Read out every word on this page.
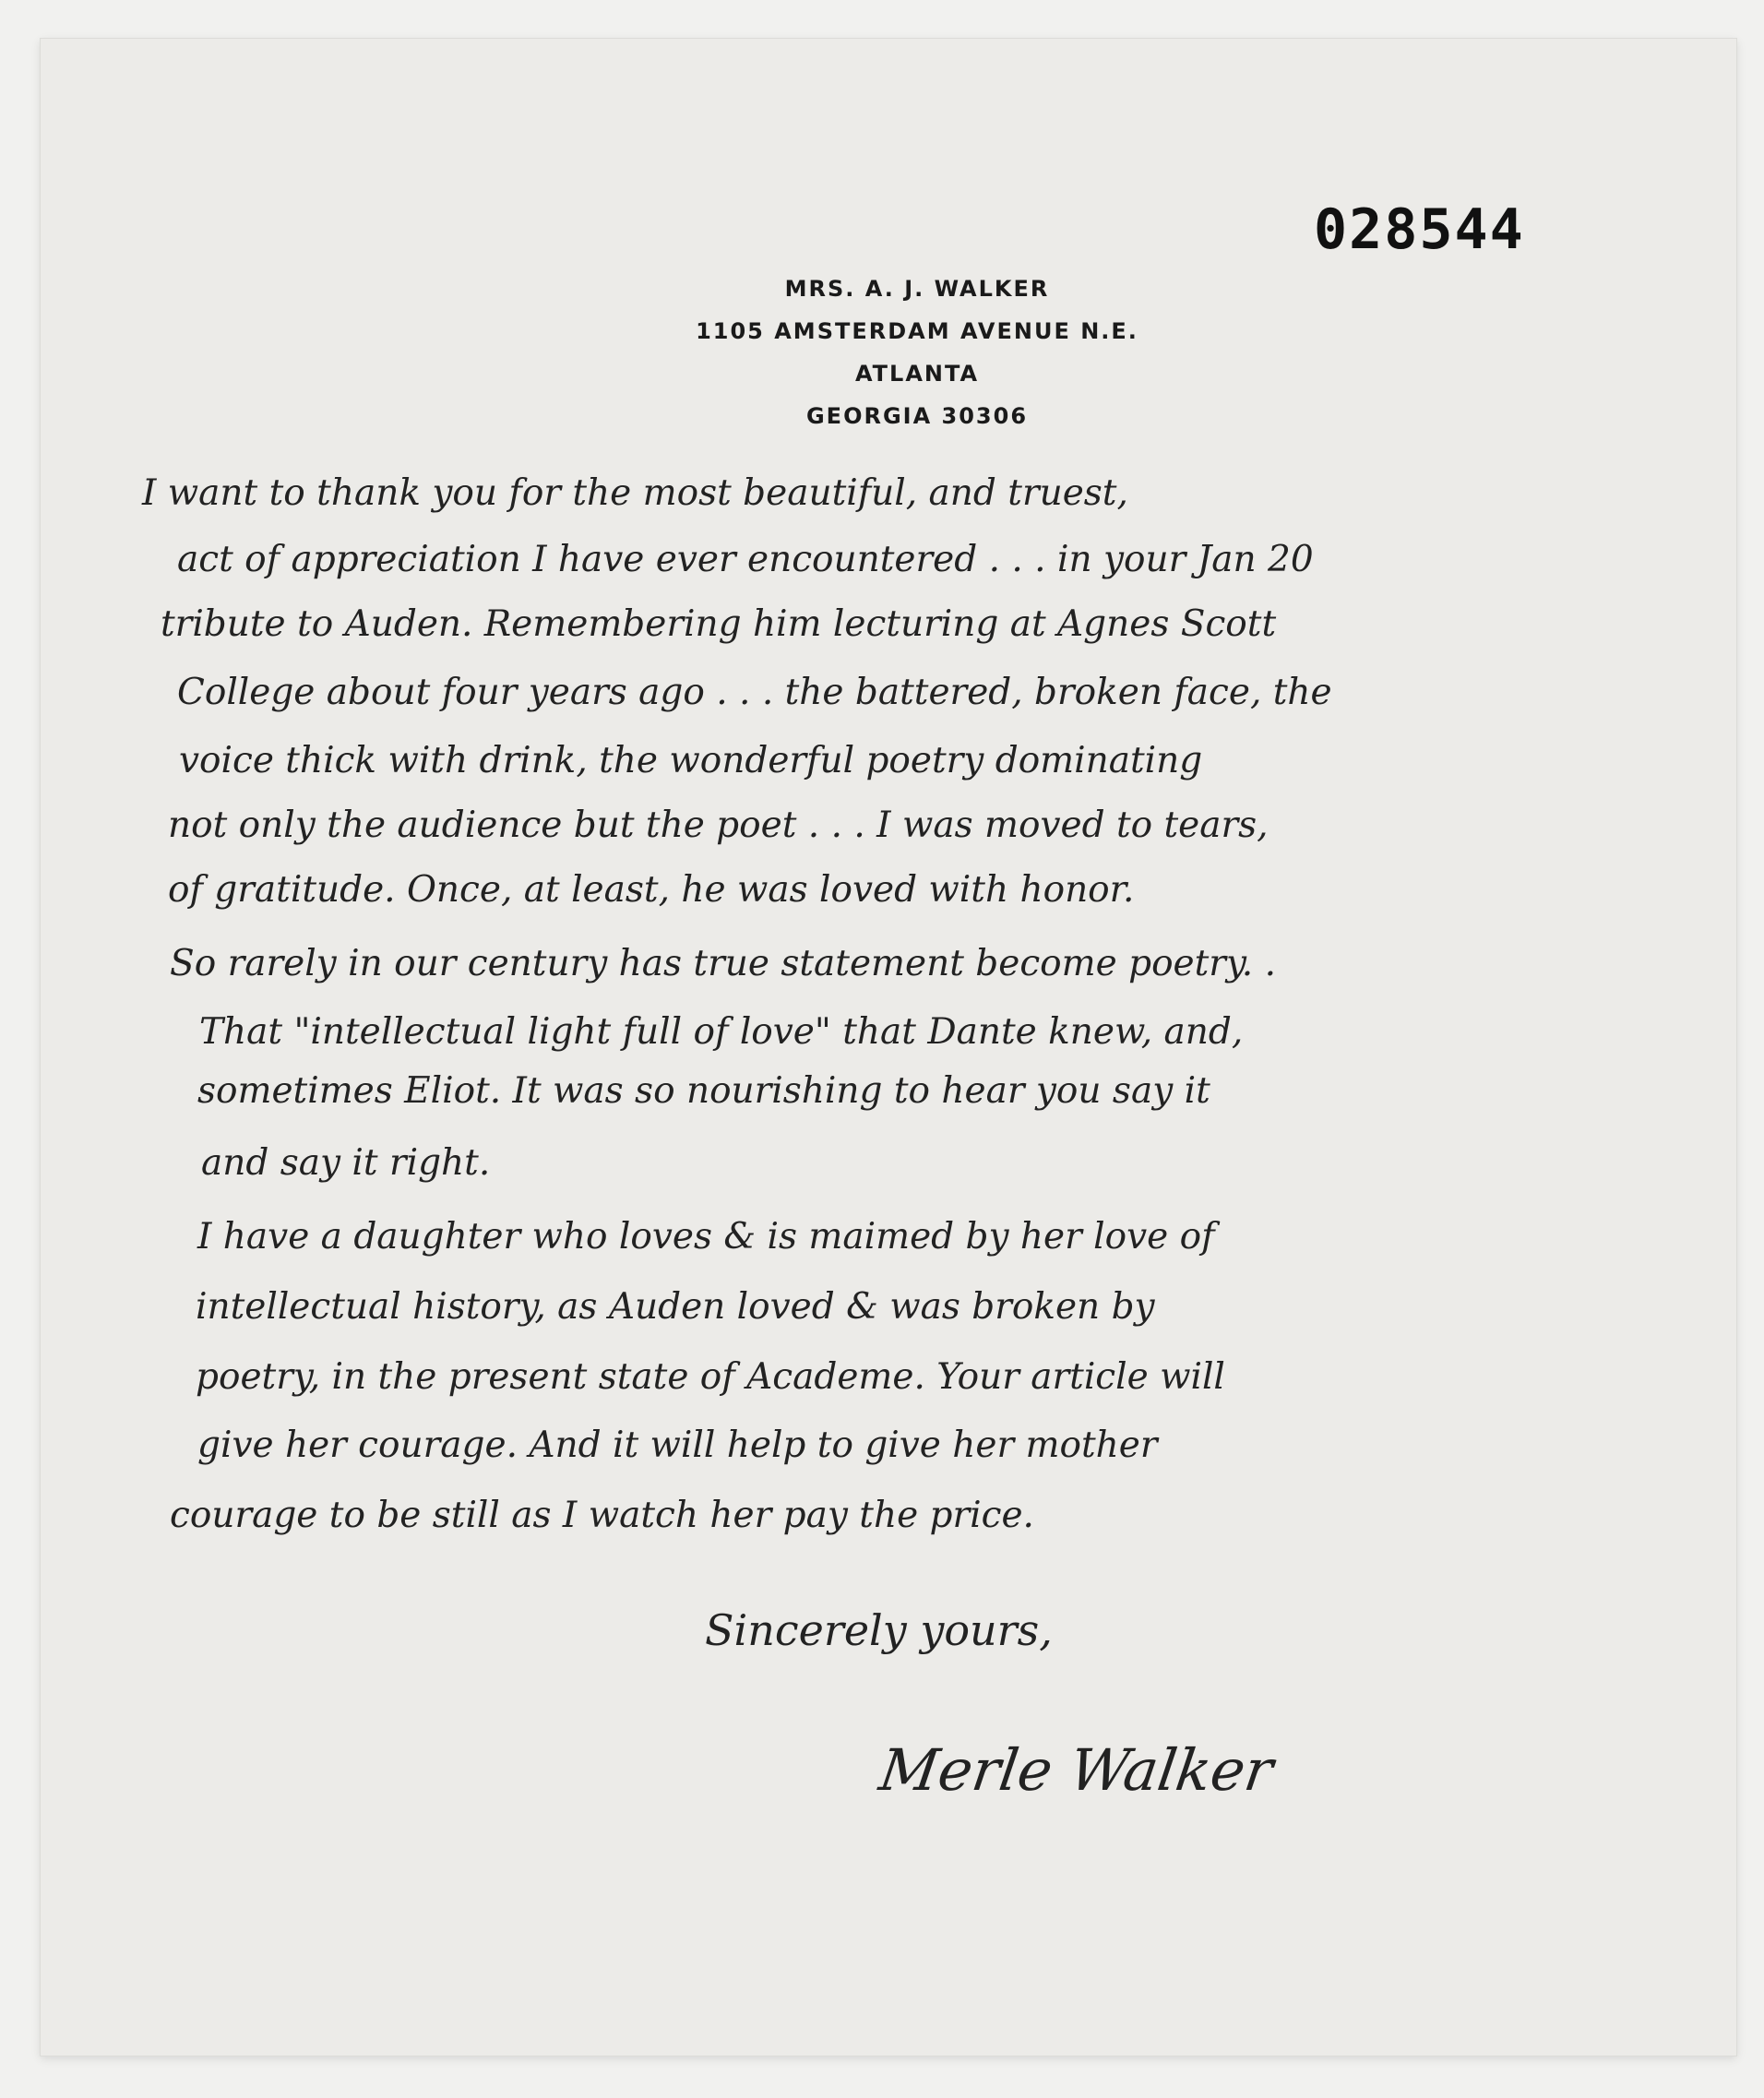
028544
MRS. A. J. WALKER
1105 AMSTERDAM AVENUE N.E.
ATLANTA
GEORGIA 30306
I want to thank you for the most beautiful, and truest,
act of appreciation I have ever encountered . . . in your Jan 20
tribute to Auden. Remembering him lecturing at Agnes Scott
College about four years ago . . . the battered, broken face, the
voice thick with drink, the wonderful poetry dominating
not only the audience but the poet . . . I was moved to tears,
of gratitude. Once, at least, he was loved with honor.
So rarely in our century has true statement become poetry. .
That "intellectual light full of love" that Dante knew, and,
sometimes Eliot. It was so nourishing to hear you say it
and say it right.
I have a daughter who loves & is maimed by her love of
intellectual history, as Auden loved & was broken by
poetry, in the present state of Academe. Your article will
give her courage. And it will help to give her mother
courage to be still as I watch her pay the price.
Sincerely yours,
Merle Walker
